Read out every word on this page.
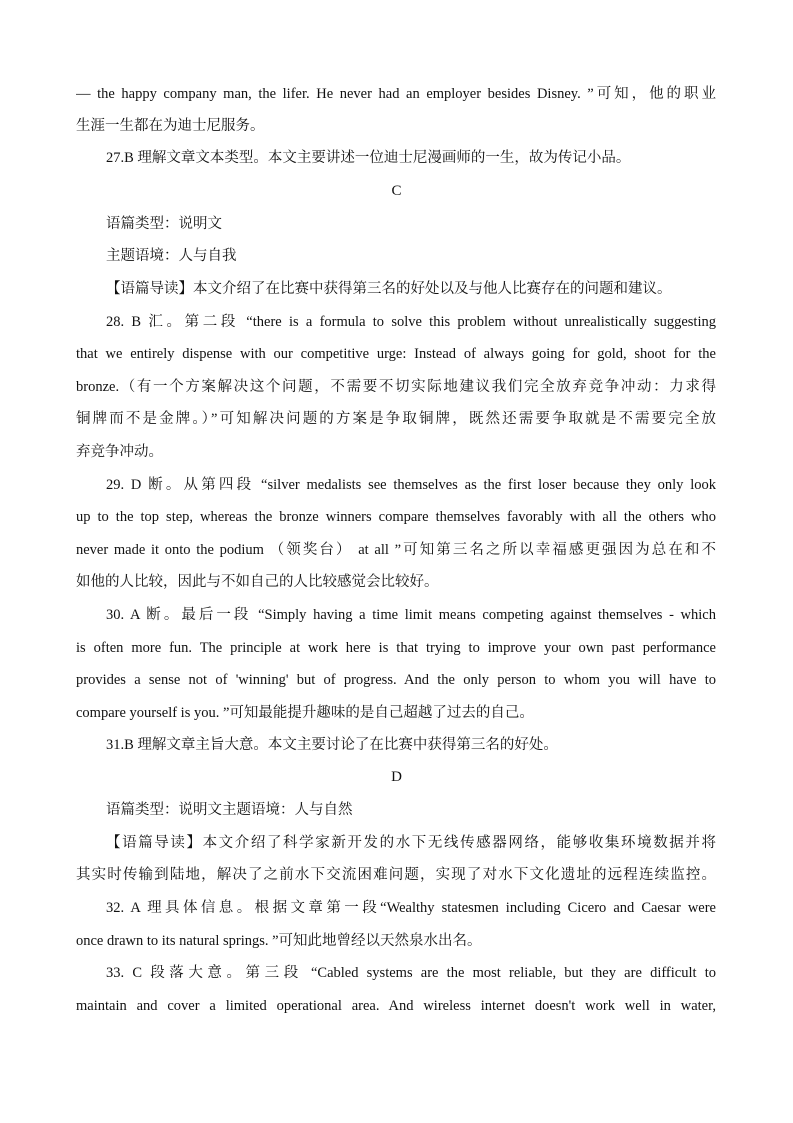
— the happy company man, the lifer. He never had an employer besides Disney. ”可知，他的职业
生涯一生都在为迪士尼服务。
27.B 理解文章文本类型。本文主要讲述一位迪士尼漫画师的一生，故为传记小品。
C
语篇类型：说明文
主题语境：人与自我
【语篇导读】本文介绍了在比赛中获得第三名的好处以及与他人比赛存在的问题和建议。
28. B 汇。第二段 “there is a formula to solve this problem without unrealistically suggesting
that we entirely dispense with our competitive urge: Instead of always going for gold, shoot for the
bronze.（有一个方案解决这个问题，不需要不切实际地建议我们完全放弃竞争冲动：力求得
铜牌而不是金牌。）”可知解决问题的方案是争取铜牌，既然还需要争取就是不需要完全放
弃竞争冲动。
29. D 断。从第四段 “silver medalists see themselves as the first loser because they only look
up to the top step, whereas the bronze winners compare themselves favorably with all the others who
never made it onto the podium （领奖台） at all ”可知第三名之所以幸福感更强因为总在和不
如他的人比较，因此与不如自己的人比较感觉会比较好。
30. A 断。最后一段 “Simply having a time limit means competing against themselves - which
is often more fun. The principle at work here is that trying to improve your own past performance
provides a sense not of 'winning' but of progress. And the only person to whom you will have to
compare yourself is you. ”可知最能提升趣味的是自己超越了过去的自己。
31.B 理解文章主旨大意。本文主要讨论了在比赛中获得第三名的好处。
D
语篇类型：说明文主题语境：人与自然
【语篇导读】本文介绍了科学家新开发的水下无线传感器网络，能够收集环境数据并将
其实时传输到陆地，解决了之前水下交流困难问题，实现了对水下文化遗址的远程连续监控。
32. A 理具体信息。根据文章第一段“Wealthy statesmen including Cicero and Caesar were
once drawn to its natural springs. ”可知此地曾经以天然泉水出名。
33. C 段落大意。第三段 “Cabled systems are the most reliable, but they are difficult to
maintain and cover a limited operational area. And wireless internet doesn't work well in water,
